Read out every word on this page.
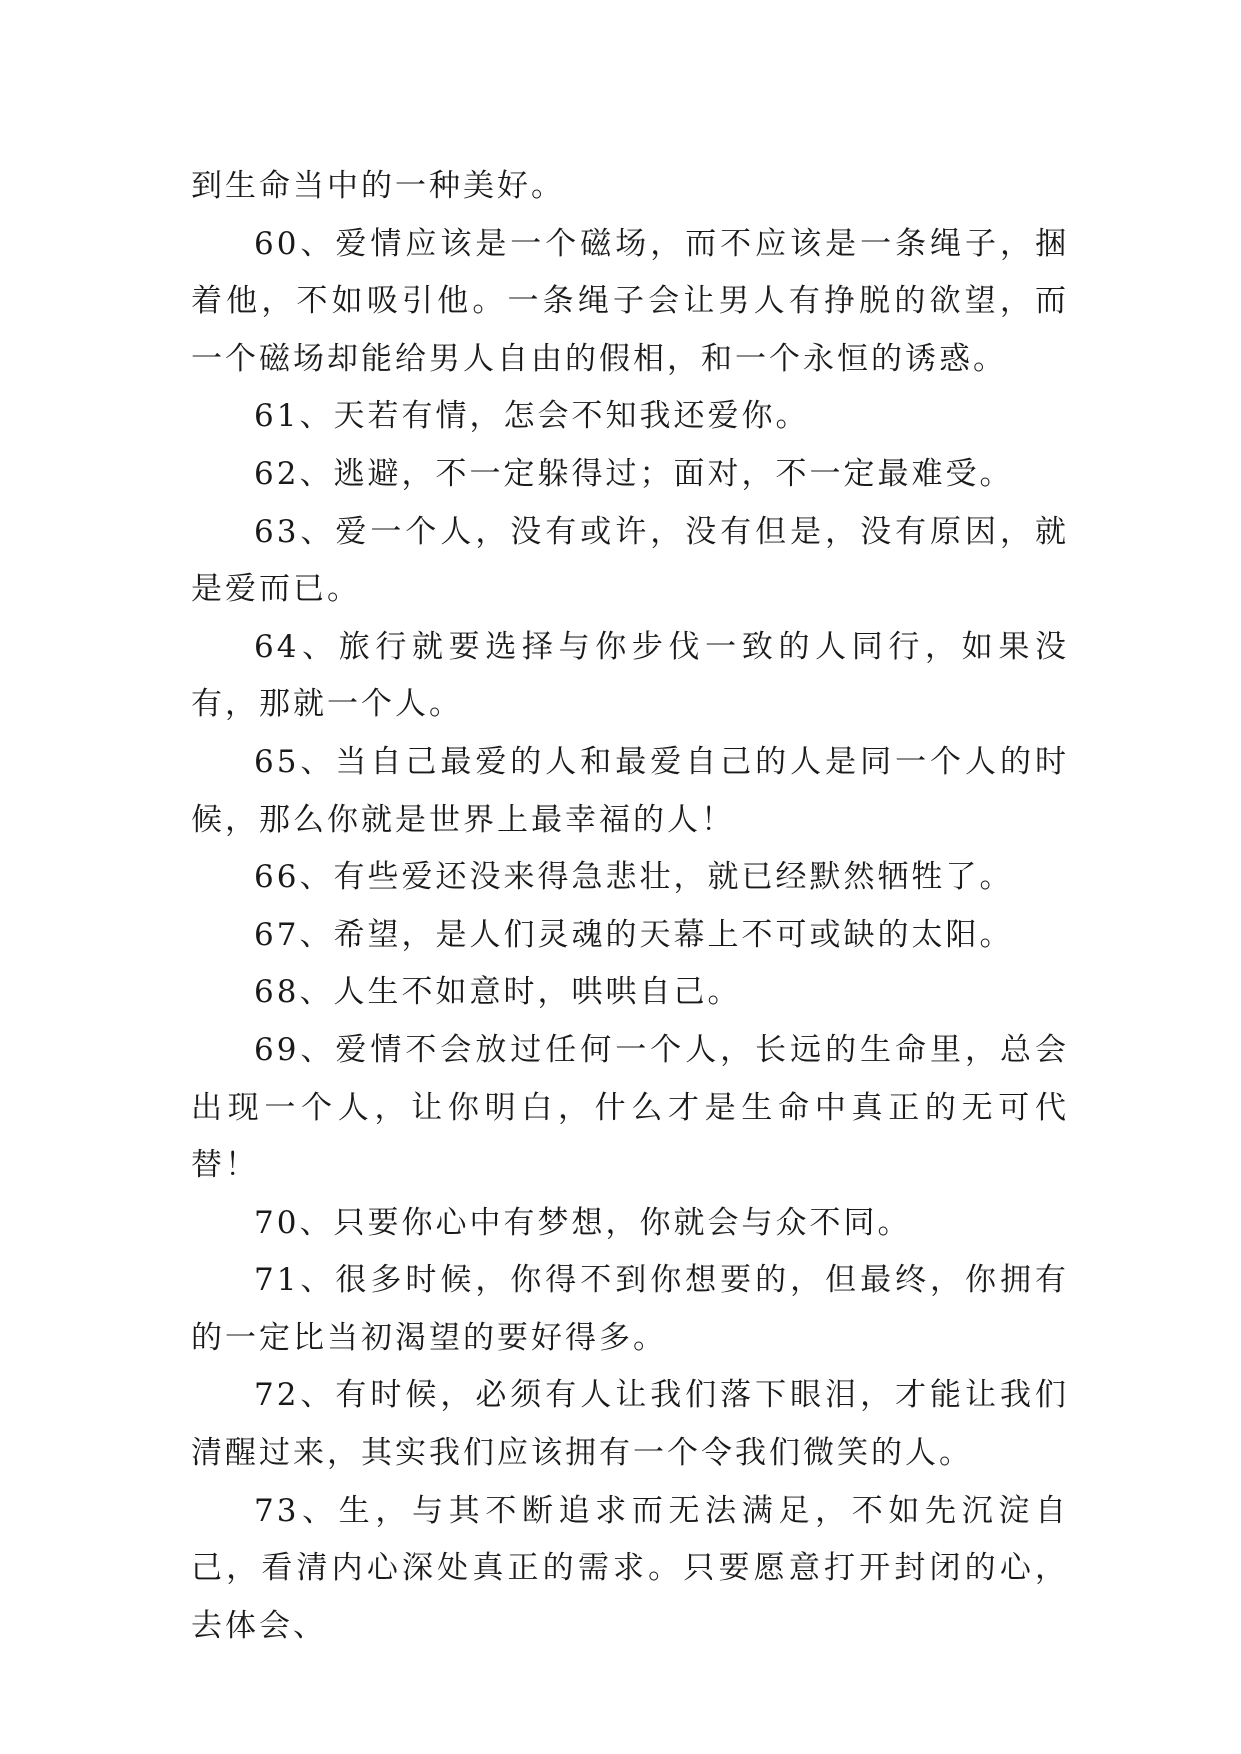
到生命当中的一种美好。

60、爱情应该是一个磁场，而不应该是一条绳子，捆着他，不如吸引他。一条绳子会让男人有挣脱的欲望，而一个磁场却能给男人自由的假相，和一个永恒的诱惑。

61、天若有情，怎会不知我还爱你。

62、逃避，不一定躲得过；面对，不一定最难受。

63、爱一个人，没有或许，没有但是，没有原因，就是爱而已。

64、旅行就要选择与你步伐一致的人同行，如果没有，那就一个人。

65、当自己最爱的人和最爱自己的人是同一个人的时候，那么你就是世界上最幸福的人！

66、有些爱还没来得急悲壮，就已经默然牺牲了。

67、希望，是人们灵魂的天幕上不可或缺的太阳。

68、人生不如意时，哄哄自己。

69、爱情不会放过任何一个人，长远的生命里，总会出现一个人，让你明白，什么才是生命中真正的无可代替！

70、只要你心中有梦想，你就会与众不同。

71、很多时候，你得不到你想要的，但最终，你拥有的一定比当初渴望的要好得多。

72、有时候，必须有人让我们落下眼泪，才能让我们清醒过来，其实我们应该拥有一个令我们微笑的人。

73、生，与其不断追求而无法满足，不如先沉淀自己，看清内心深处真正的需求。只要愿意打开封闭的心，去体会、
